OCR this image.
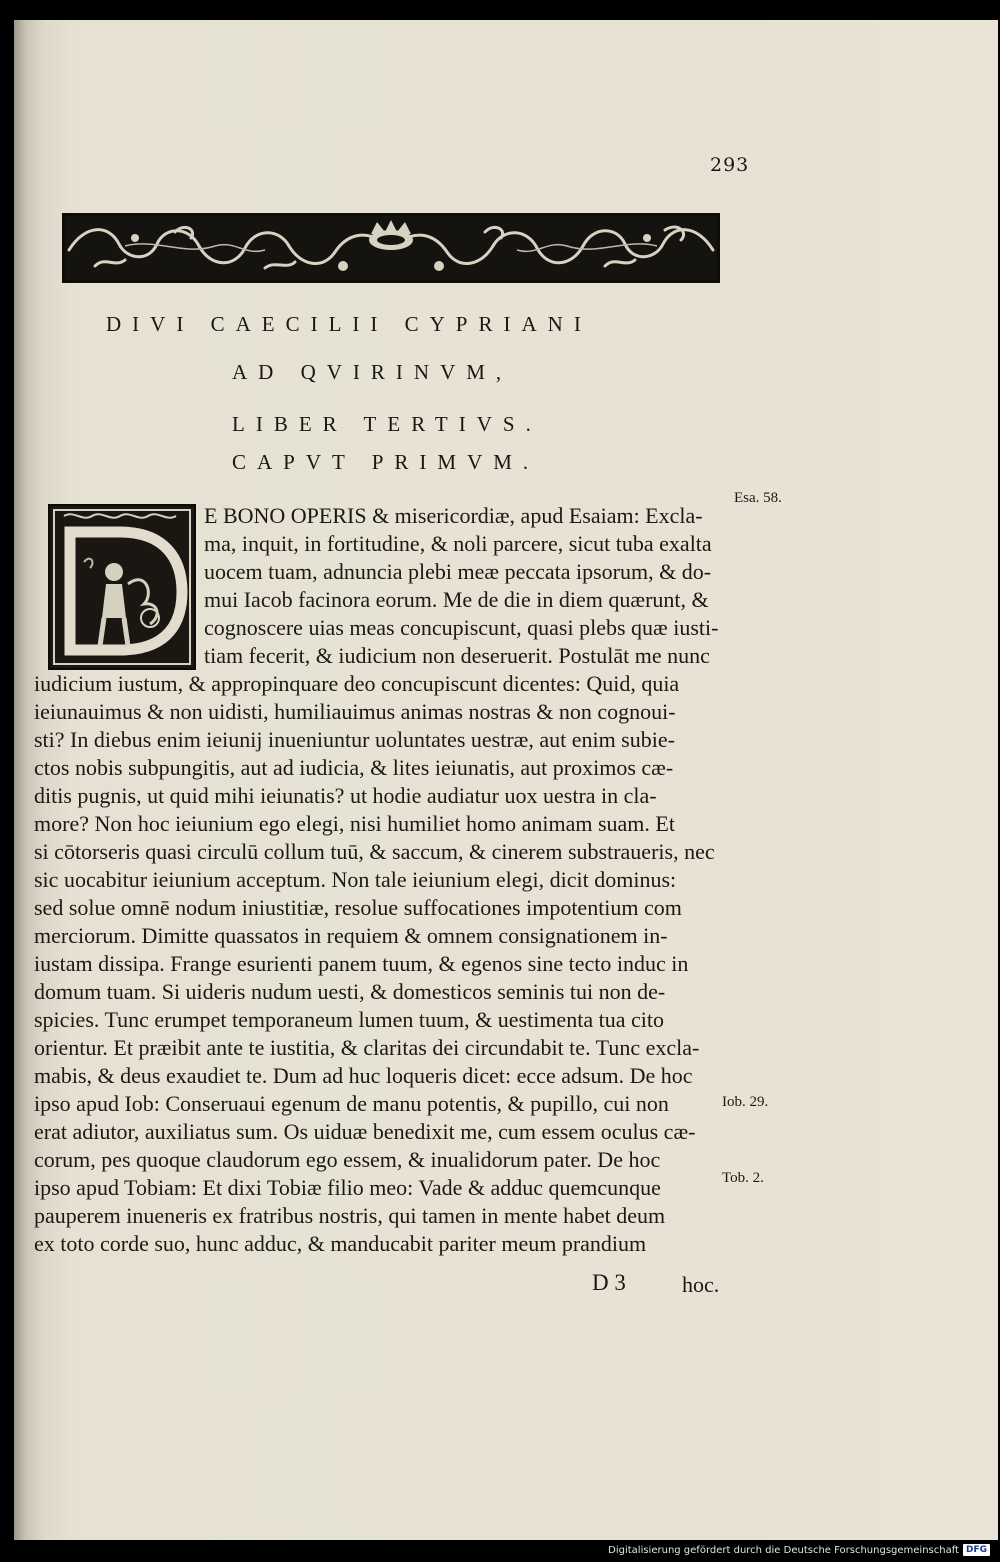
293
DIVI CAECILII CYPRIANI
AD QVIRINVM,
LIBER TERTIVS.
CAPVT PRIMVM.
E BONO OPERIS & misericordiæ, apud Esaiam: Excla-
ma, inquit, in fortitudine, & noli parcere, sicut tuba exalta
uocem tuam, adnuncia plebi meæ peccata ipsorum, & do-
mui Iacob facinora eorum. Me de die in diem quærunt, &
cognoscere uias meas concupiscunt, quasi plebs quæ iusti-
tiam fecerit, & iudicium non deseruerit. Postulāt me nunc
iudicium iustum, & appropinquare deo concupiscunt dicentes: Quid, quia
ieiunauimus & non uidisti, humiliauimus animas nostras & non cognoui-
sti? In diebus enim ieiunij inueniuntur uoluntates uestræ, aut enim subie-
ctos nobis subpungitis, aut ad iudicia, & lites ieiunatis, aut proximos cæ-
ditis pugnis, ut quid mihi ieiunatis? ut hodie audiatur uox uestra in cla-
more? Non hoc ieiunium ego elegi, nisi humiliet homo animam suam. Et
si cōtorseris quasi circulū collum tuū, & saccum, & cinerem substraueris, nec
sic uocabitur ieiunium acceptum. Non tale ieiunium elegi, dicit dominus:
sed solue omnē nodum iniustitiæ, resolue suffocationes impotentium com
merciorum. Dimitte quassatos in requiem & omnem consignationem in-
iustam dissipa. Frange esurienti panem tuum, & egenos sine tecto induc in
domum tuam. Si uideris nudum uesti, & domesticos seminis tui non de-
spicies. Tunc erumpet temporaneum lumen tuum, & uestimenta tua cito
orientur. Et præibit ante te iustitia, & claritas dei circundabit te. Tunc excla-
mabis, & deus exaudiet te. Dum ad huc loqueris dicet: ecce adsum. De hoc
ipso apud Iob: Conseruaui egenum de manu potentis, & pupillo, cui non
erat adiutor, auxiliatus sum. Os uiduæ benedixit me, cum essem oculus cæ-
corum, pes quoque claudorum ego essem, & inualidorum pater. De hoc
ipso apud Tobiam: Et dixi Tobiæ filio meo: Vade & adduc quemcunque
pauperem inueneris ex fratribus nostris, qui tamen in mente habet deum
ex toto corde suo, hunc adduc, & manducabit pariter meum prandium
Esa. 58.
Iob. 29.
Tob. 2.
D 3	hoc.
Digitalisierung gefördert durch die Deutsche Forschungsgemeinschaft DFG
